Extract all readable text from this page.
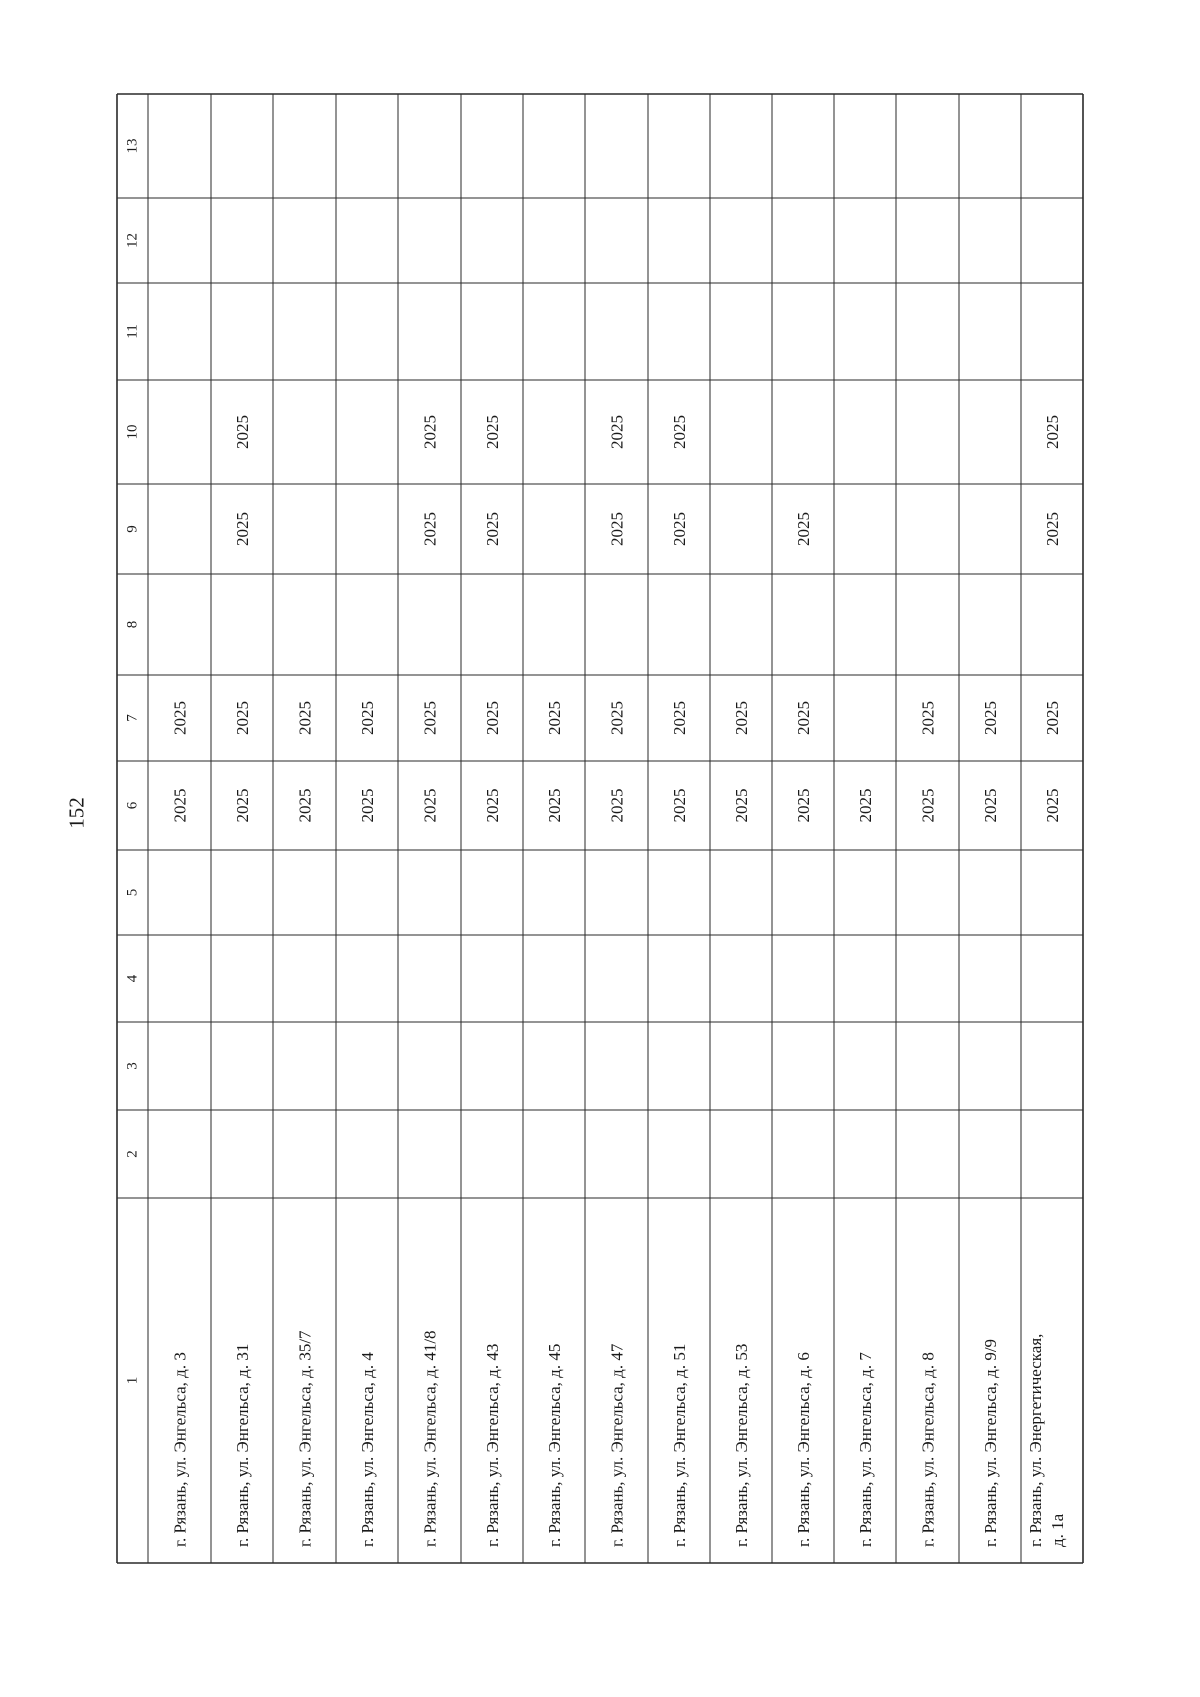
152
13
12
11
10
9
8
7
6
5
4
3
2
1 г. Рязань, ул. Энгельса, д. 3
2025
2025
г. Рязань, ул. Энгельса, д. 31
2025
2025
2025
2025
г. Рязань, ул. Энгельса, д. 35/7
2025
2025
г. Рязань, ул. Энгельса, д. 4
2025
2025
г. Рязань, ул. Энгельса, д. 41/8
2025
2025
2025
2025
г. Рязань, ул. Энгельса, д. 43
2025
2025
2025
2025
г. Рязань, ул. Энгельса, д. 45
2025
2025
г. Рязань, ул. Энгельса, д. 47
2025
2025
2025
2025
г. Рязань, ул. Энгельса, д. 51
2025
2025
2025
2025
г. Рязань, ул. Энгельса, д. 53
2025
2025
г. Рязань, ул. Энгельса, д. 6
2025
2025
2025
г. Рязань, ул. Энгельса, д. 7
2025
г. Рязань, ул. Энгельса, д. 8
2025
2025
г. Рязань, ул. Энгельса, д. 9/9
2025
2025
г. Рязань, ул. Энергетическая, д. 1а
2025
2025
2025
2025
